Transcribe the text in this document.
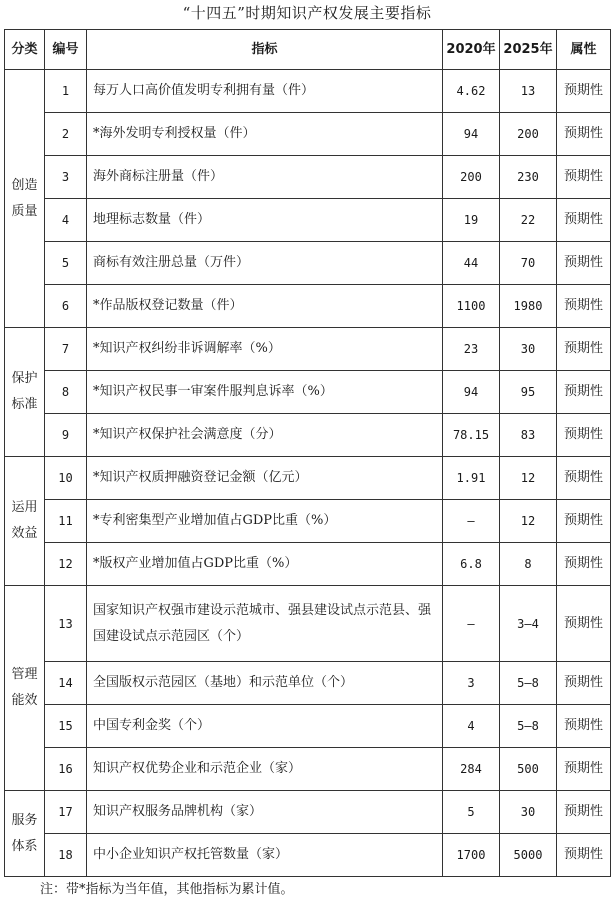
“十四五”时期知识产权发展主要指标
分类	编号	指标	2020年	2025年	属性

创造
质量	1	每万人口高价值发明专利拥有量（件）	4.62	13	预期性
	2	*海外发明专利授权量（件）	94	200	预期性
	3	海外商标注册量（件）	200	230	预期性
	4	地理标志数量（件）	19	22	预期性
	5	商标有效注册总量（万件）	44	70	预期性
	6	*作品版权登记数量（件）	1100	1980	预期性

保护
标准	7	*知识产权纠纷非诉调解率（%）	23	30	预期性
	8	*知识产权民事一审案件服判息诉率（%）	94	95	预期性
	9	*知识产权保护社会满意度（分）	78.15	83	预期性

运用
效益	10	*知识产权质押融资登记金额（亿元）	1.91	12	预期性
	11	*专利密集型产业增加值占GDP比重（%）	—	12	预期性
	12	*版权产业增加值占GDP比重（%）	6.8	8	预期性

管理
能效	13	国家知识产权强市建设示范城市、强县建设试点示范县、强国建设试点示范园区（个）	—	3—4	预期性
	14	全国版权示范园区（基地）和示范单位（个）	3	5—8	预期性
	15	中国专利金奖（个）	4	5—8	预期性
	16	知识产权优势企业和示范企业（家）	284	500	预期性

服务
体系	17	知识产权服务品牌机构（家）	5	30	预期性
	18	中小企业知识产权托管数量（家）	1700	5000	预期性
注：带*指标为当年值，其他指标为累计值。
